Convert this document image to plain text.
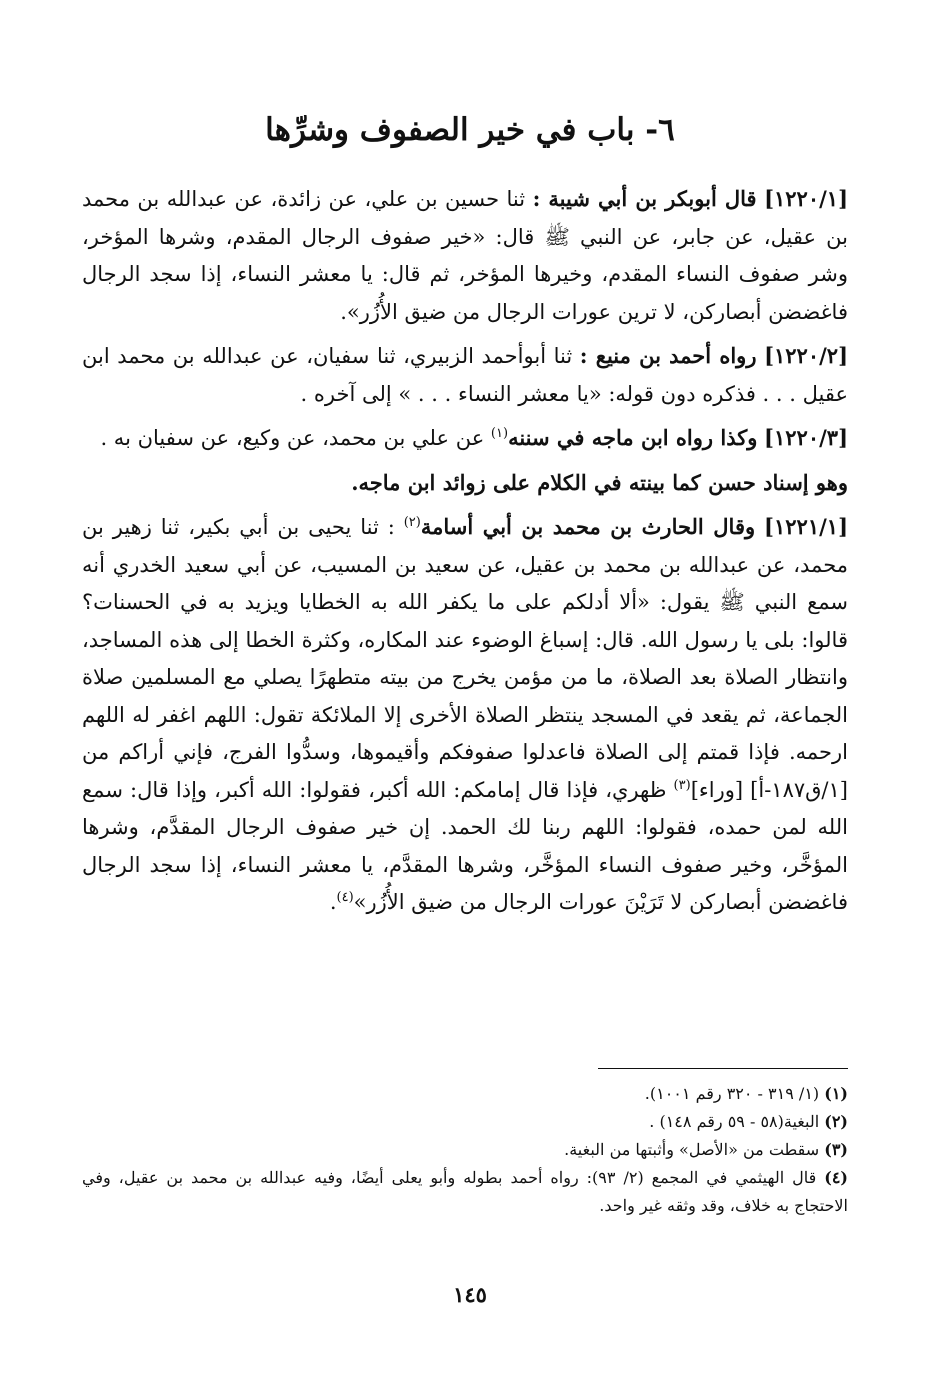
٦- باب في خير الصفوف وشرِّها

[١٢٢٠/١] قال أبوبكر بن أبي شيبة : ثنا حسين بن علي، عن زائدة، عن عبدالله بن محمد بن عقيل، عن جابر، عن النبي ﷺ قال: «خير صفوف الرجال المقدم، وشرها المؤخر، وشر صفوف النساء المقدم، وخيرها المؤخر، ثم قال: يا معشر النساء، إذا سجد الرجال فاغضضن أبصاركن، لا ترين عورات الرجال من ضيق الأُزُر».

[١٢٢٠/٢] رواه أحمد بن منيع : ثنا أبوأحمد الزبيري، ثنا سفيان، عن عبدالله بن محمد ابن عقيل . . . فذكره دون قوله: «يا معشر النساء . . . » إلى آخره .

[١٢٢٠/٣] وكذا رواه ابن ماجه في سننه$^{(١)}$ عن علي بن محمد، عن وكيع، عن سفيان به .

وهو إسناد حسن كما بينته في الكلام على زوائد ابن ماجه.

[١٢٢١/١] وقال الحارث بن محمد بن أبي أسامة$^{(٢)}$ : ثنا يحيى بن أبي بكير، ثنا زهير بن محمد، عن عبدالله بن محمد بن عقيل، عن سعيد بن المسيب، عن أبي سعيد الخدري أنه سمع النبي ﷺ يقول: «ألا أدلكم على ما يكفر الله به الخطايا ويزيد به في الحسنات؟ قالوا: بلى يا رسول الله. قال: إسباغ الوضوء عند المكاره، وكثرة الخطا إلى هذه المساجد، وانتظار الصلاة بعد الصلاة، ما من مؤمن يخرج من بيته متطهرًا يصلي مع المسلمين صلاة الجماعة، ثم يقعد في المسجد ينتظر الصلاة الأخرى إلا الملائكة تقول: اللهم اغفر له اللهم ارحمه. فإذا قمتم إلى الصلاة فاعدلوا صفوفكم وأقيموها، وسدُّوا الفرج، فإني أراكم من [١/ق١٨٧-أ] [وراء]$^{(٣)}$ ظهري، فإذا قال إمامكم: الله أكبر، فقولوا: الله أكبر، وإذا قال: سمع الله لمن حمده، فقولوا: اللهم ربنا لك الحمد. إن خير صفوف الرجال المقدَّم، وشرها المؤخَّر، وخير صفوف النساء المؤخَّر، وشرها المقدَّم، يا معشر النساء، إذا سجد الرجال فاغضضن أبصاركن لا تَرَيْنَ عورات الرجال من ضيق الأُزُر»$^{(٤)}$.

(١) (١/ ٣١٩ - ٣٢٠ رقم ١٠٠١).

(٢) البغية(٥٨ - ٥٩ رقم ١٤٨) .

(٣) سقطت من «الأصل» وأثبتها من البغية.

(٤) قال الهيثمي في المجمع (٢/ ٩٣): رواه أحمد بطوله وأبو يعلى أيضًا، وفيه عبدالله بن محمد بن عقيل، وفي الاحتجاج به خلاف، وقد وثقه غير واحد.

١٤٥
